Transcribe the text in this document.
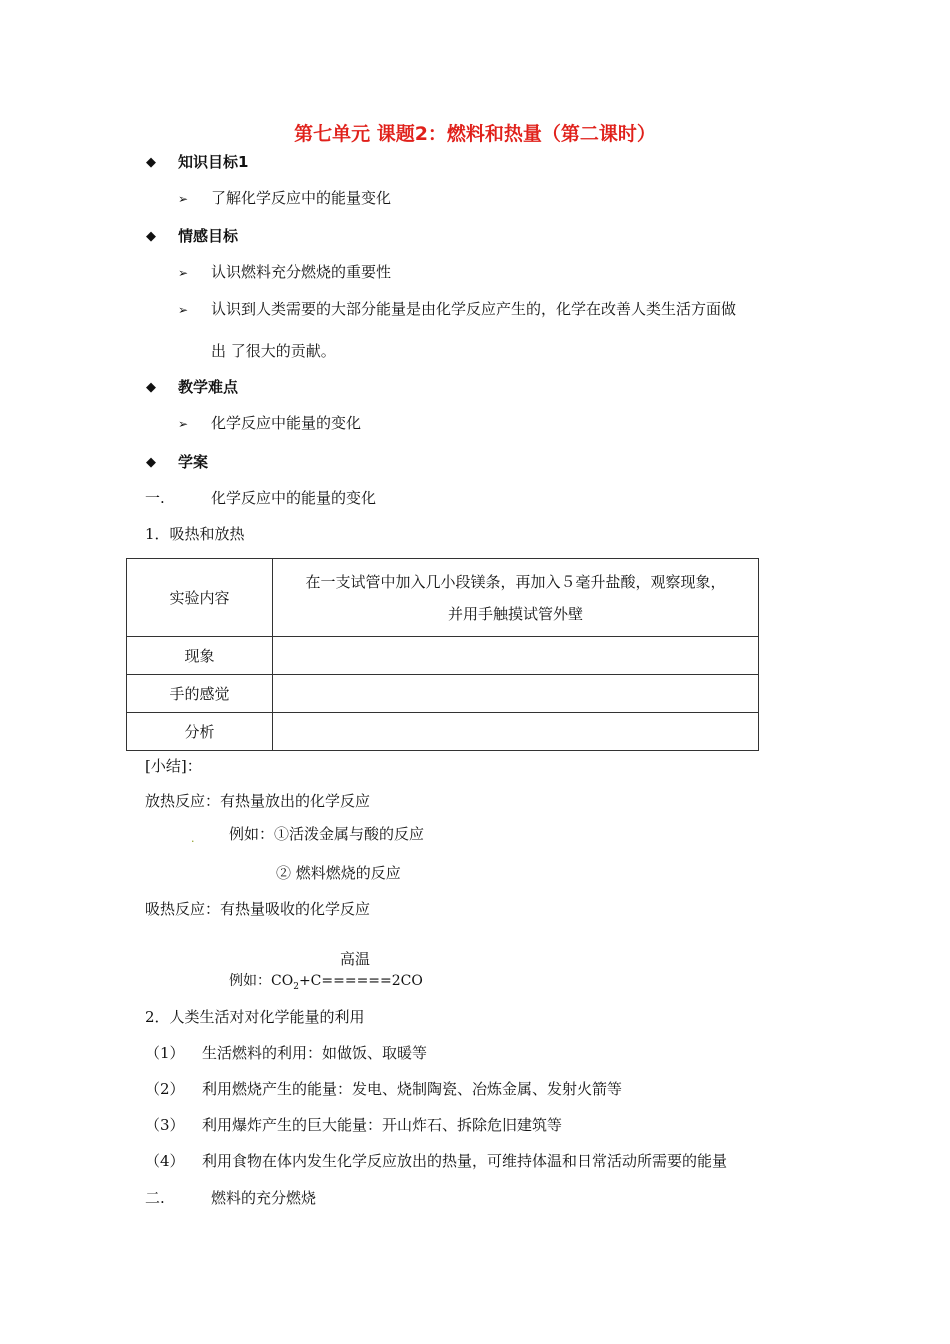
第七单元 课题2：燃料和热量（第二课时）
◆ 知识目标1
➢ 了解化学反应中的能量变化
◆ 情感目标
➢ 认识燃料充分燃烧的重要性
➢ 认识到人类需要的大部分能量是由化学反应产生的，化学在改善人类生活方面做
出 了很大的贡献。
◆ 教学难点
➢ 化学反应中能量的变化
◆ 学案
一.	化学反应中的能量的变化
1．吸热和放热
实验内容	在一支试管中加入几小段镁条，再加入５毫升盐酸，观察现象，
并用手触摸试管外壁

现象	
手的感觉	
分析	
[小结]：
放热反应：有热量放出的化学反应
. 例如：①活泼金属与酸的反应
② 燃料燃烧的反应
吸热反应：有热量吸收的化学反应
高温
例如：$CO_2+C======2CO$
2．人类生活对对化学能量的利用
（1） 生活燃料的利用：如做饭、取暖等
（2） 利用燃烧产生的能量：发电、烧制陶瓷、冶炼金属、发射火箭等
（3） 利用爆炸产生的巨大能量：开山炸石、拆除危旧建筑等
（4） 利用食物在体内发生化学反应放出的热量，可维持体温和日常活动所需要的能量
二.	燃料的充分燃烧
